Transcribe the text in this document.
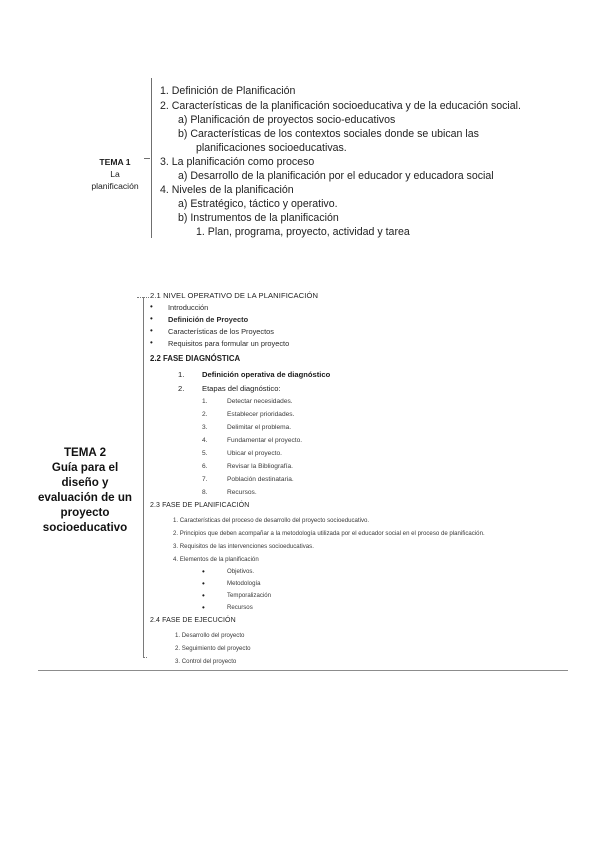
TEMA 1
La
planificación
1. Definición de Planificación
2. Características de la planificación socioeducativa y de la educación social.
a) Planificación de proyectos socio-educativos
b) Características de los contextos sociales donde se ubican las
planificaciones socioeducativas.
3. La planificación como proceso
a) Desarrollo de la planificación por el educador y educadora social
4. Niveles de la planificación
a) Estratégico, táctico y operativo.
b) Instrumentos de la planificación
1. Plan, programa, proyecto, actividad y tarea
TEMA 2
Guía para el
diseño y
evaluación de un
proyecto
socioeducativo
2.1 NIVEL OPERATIVO DE LA PLANIFICACIÓN
• Introducción
• Definición de Proyecto
• Características de los Proyectos
• Requisitos para formular un proyecto
2.2 FASE DIAGNÓSTICA
1. Definición operativa de diagnóstico
2. Etapas del diagnóstico:
1.	Detectar necesidades.
2.	Establecer prioridades.
3.	Delimitar el problema.
4.	Fundamentar el proyecto.
5.	Ubicar el proyecto.
6.	Revisar la Bibliografía.
7.	Población destinataria.
8.	Recursos.
2.3 FASE DE PLANIFICACIÓN
1. Características del proceso de desarrollo del proyecto socioeducativo.
2. Principios que deben acompañar a la metodología utilizada por el educador social en el proceso de planificación.
3. Requisitos de las intervenciones socioeducativas.
4. Elementos de la planificación
•	Objetivos.
•	Metodología
•	Temporalización
•	Recursos
2.4 FASE DE EJECUCIÓN
1. Desarrollo del proyecto
2. Seguimiento del proyecto
3. Control del proyecto
